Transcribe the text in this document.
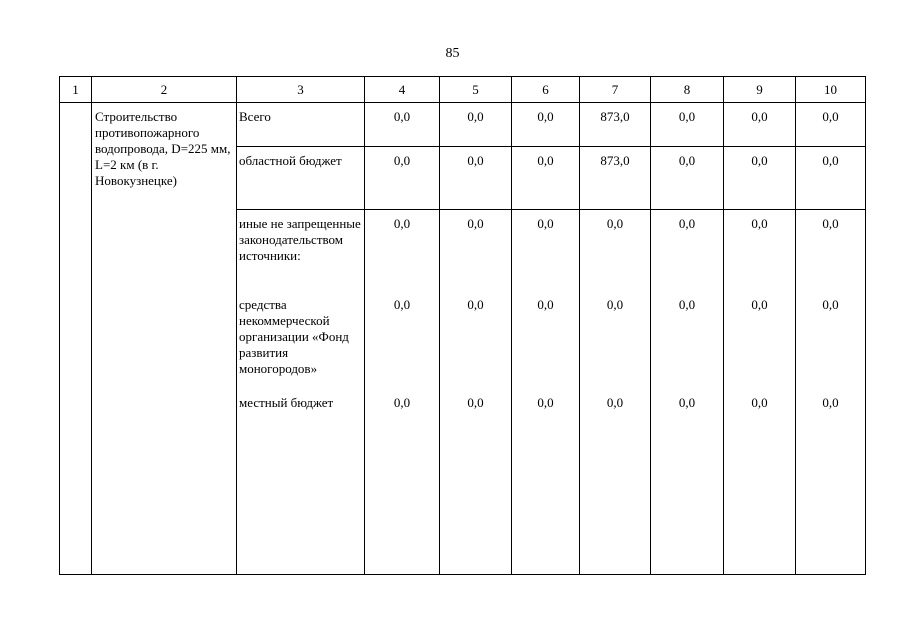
85
1	2	3	4	5	6	7	8	9	10
	Строительство противопожарного водопровода, D=225 мм, L=2 км (в г. Новокузнецке)	Всего	0,0	0,0	0,0	873,0	0,0	0,0	0,0
		областной бюджет	0,0	0,0	0,0	873,0	0,0	0,0	0,0
		иные не запрещенные законодательством источники:	0,0	0,0	0,0	0,0	0,0	0,0	0,0
		средства некоммерческой организации «Фонд развития моногородов»	0,0	0,0	0,0	0,0	0,0	0,0	0,0
		местный бюджет	0,0	0,0	0,0	0,0	0,0	0,0	0,0
